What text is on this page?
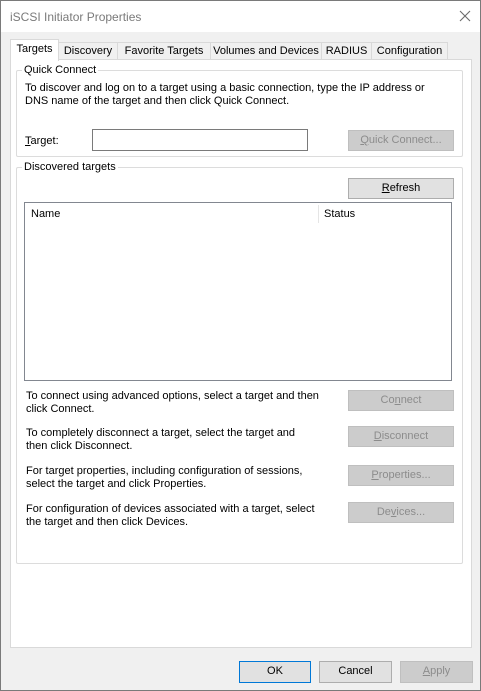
iSCSI Initiator Properties
Targets	Discovery	Favorite Targets Volumes and Devices RADIUS Configuration
Quick Connect
To discover and log on to a target using a basic connection, type the IP address or DNS name of the target and then click Quick Connect.
Target:	Quick Connect...
Discovered targets
Refresh
Name	Status
To connect using advanced options, select a target and then click Connect.
Connect
To completely disconnect a target, select the target and then click Disconnect.
Disconnect
For target properties, including configuration of sessions, select the target and click Properties.
Properties...
For configuration of devices associated with a target, select the target and then click Devices.
Devices...
OK	Cancel	Apply
